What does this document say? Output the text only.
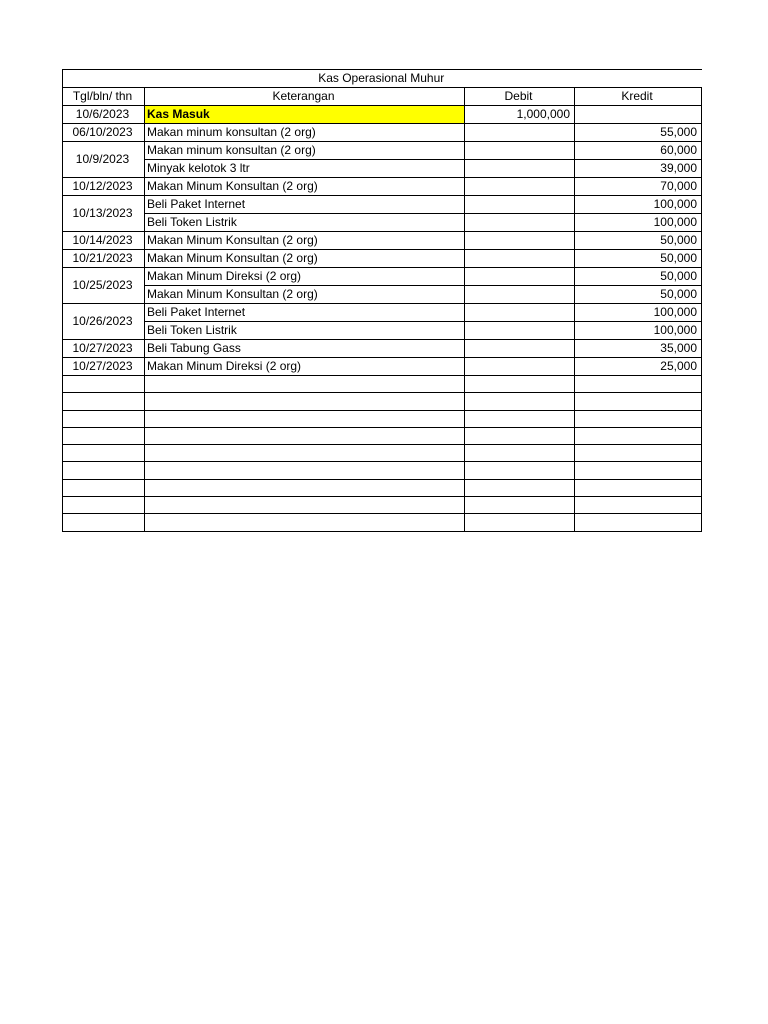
Kas Operasional Muhur			
Tgl/bln/ thn	Keterangan	Debit	Kredit
10/6/2023	Kas Masuk	1,000,000	
06/10/2023	Makan minum konsultan (2 org)		55,000
10/9/2023	Makan minum konsultan (2 org)		60,000
	Minyak kelotok 3 ltr		39,000
10/12/2023	Makan Minum Konsultan (2 org)		70,000
10/13/2023	Beli Paket Internet		100,000
	Beli Token Listrik		100,000
10/14/2023	Makan Minum Konsultan (2 org)		50,000
10/21/2023	Makan Minum Konsultan (2 org)		50,000
10/25/2023	Makan Minum Direksi (2 org)		50,000
	Makan Minum Konsultan (2 org)		50,000
10/26/2023	Beli Paket Internet		100,000
	Beli Token Listrik		100,000
10/27/2023	Beli Tabung Gass		35,000
10/27/2023	Makan Minum Direksi (2 org)		25,000
